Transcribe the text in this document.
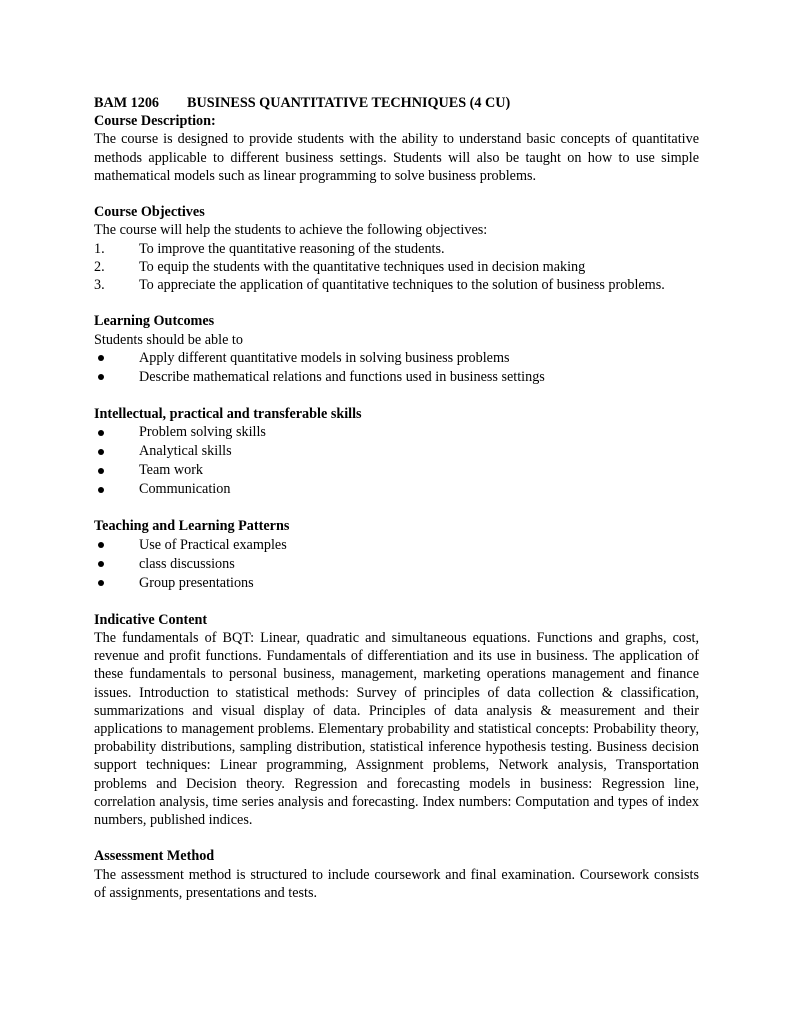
BAM 1206 BUSINESS QUANTITATIVE TECHNIQUES (4 CU)

Course Description:

The course is designed to provide students with the ability to understand basic concepts of quantitative methods applicable to different business settings. Students will also be taught on how to use simple mathematical models such as linear programming to solve business problems.

Course Objectives

The course will help the students to achieve the following objectives:

1. To improve the quantitative reasoning of the students.
2. To equip the students with the quantitative techniques used in decision making
3. To appreciate the application of quantitative techniques to the solution of business problems.

Learning Outcomes

Students should be able to

Apply different quantitative models in solving business problems
Describe mathematical relations and functions used in business settings

Intellectual, practical and transferable skills

Problem solving skills
Analytical skills
Team work
Communication

Teaching and Learning Patterns

Use of Practical examples
class discussions
Group presentations

Indicative Content

The fundamentals of BQT: Linear, quadratic and simultaneous equations. Functions and graphs, cost, revenue and profit functions. Fundamentals of differentiation and its use in business. The application of these fundamentals to personal business, management, marketing operations management and finance issues. Introduction to statistical methods: Survey of principles of data collection & classification, summarizations and visual display of data. Principles of data analysis & measurement and their applications to management problems. Elementary probability and statistical concepts: Probability theory, probability distributions, sampling distribution, statistical inference hypothesis testing. Business decision support techniques: Linear programming, Assignment problems, Network analysis, Transportation problems and Decision theory. Regression and forecasting models in business: Regression line, correlation analysis, time series analysis and forecasting. Index numbers: Computation and types of index numbers, published indices.

Assessment Method

The assessment method is structured to include coursework and final examination. Coursework consists of assignments, presentations and tests.
